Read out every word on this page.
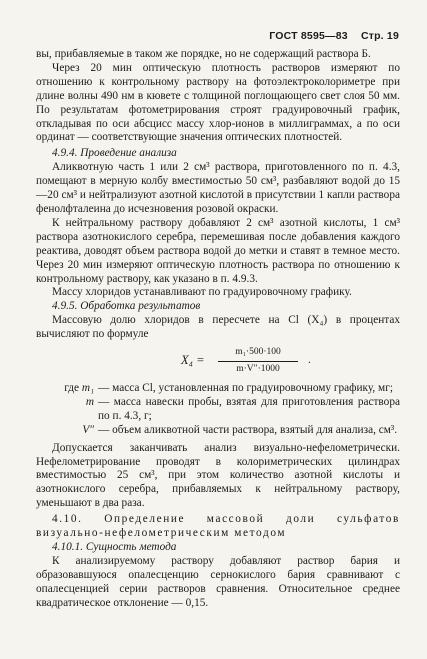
ГОСТ 8595—83 Стр. 19

вы, прибавляемые в таком же порядке, но не содержащий раствора Б.

Через 20 мин оптическую плотность растворов измеряют по отношению к контрольному раствору на фотоэлектроколориметре при длине волны 490 нм в кювете с толщиной поглощающего свет слоя 50 мм. По результатам фотометрирования строят градуировочный график, откладывая по оси абсцисс массу хлор-ионов в миллиграммах, а по оси ординат — соответствующие значения оптических плотностей.

4.9.4. Проведение анализа

Аликвотную часть 1 или 2 см³ раствора, приготовленного по п. 4.3, помещают в мерную колбу вместимостью 50 см³, разбавляют водой до 15—20 см³ и нейтрализуют азотной кислотой в присутствии 1 капли раствора фенолфталеина до исчезновения розовой окраски.

К нейтральному раствору добавляют 2 см³ азотной кислоты, 1 см³ раствора азотнокислого серебра, перемешивая после добавления каждого реактива, доводят объем раствора водой до метки и ставят в темное место. Через 20 мин измеряют оптическую плотность раствора по отношению к контрольному раствору, как указано в п. 4.9.3.

Массу хлоридов устанавливают по градуировочному графику.

4.9.5. Обработка результатов

Массовую долю хлоридов в пересчете на Cl (X₄) в процентах вычисляют по формуле

$X_4 = \frac{\text{m₁·500·100}}{m\cdot V''\cdot 1000}$ .
где m₁ — масса Cl, установленная по градуировочному графику, мг;
m — масса навески пробы, взятая для приготовления раствора по п. 4.3, г;
V″ — объем аликвотной части раствора, взятый для анализа, см³.

Допускается заканчивать анализ визуально-нефелометрически. Нефелометрирование проводят в колориметрических цилиндрах вместимостью 25 см³, при этом количество азотной кислоты и азотнокислого серебра, прибавляемых к нейтральному раствору, уменьшают в два раза.

4.10. Определение массовой доли сульфатов визуально-нефелометрическим методом

4.10.1. Сущность метода

К анализируемому раствору добавляют раствор бария и образовавшуюся опалесценцию сернокислого бария сравнивают с опалесценцией серии растворов сравнения. Относительное среднее квадратическое отклонение — 0,15.
